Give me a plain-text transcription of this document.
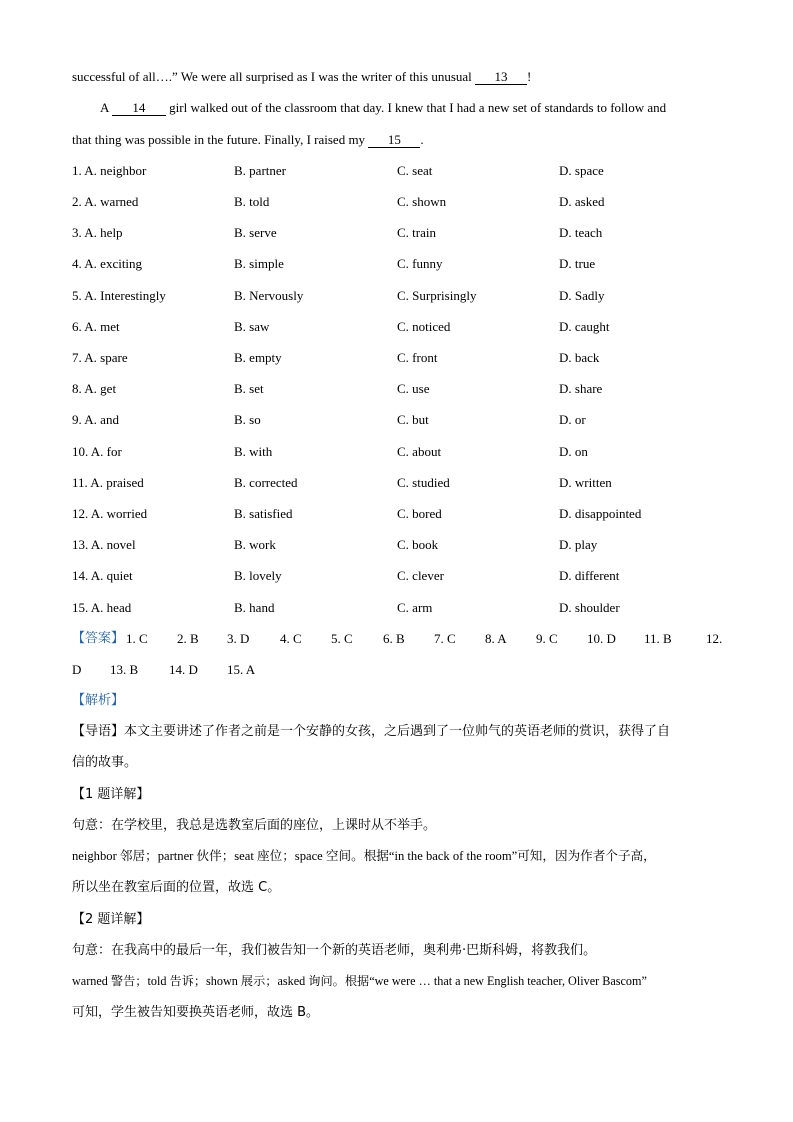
successful of all….” We were all surprised as I was the writer of this unusual 13 !
A 14 girl walked out of the classroom that day. I knew that I had a new set of standards to follow and
that thing was possible in the future. Finally, I raised my 15 .
1. A. neighbor	B. partner	C. seat	D. space
2. A. warned	B. told	C. shown	D. asked
3. A. help	B. serve	C. train	D. teach
4. A. exciting	B. simple	C. funny	D. true
5. A. Interestingly	B. Nervously	C. Surprisingly	D. Sadly
6. A. met	B. saw	C. noticed	D. caught
7. A. spare	B. empty	C. front	D. back
8. A. get	B. set	C. use	D. share
9. A. and	B. so	C. but	D. or
10. A. for	B. with	C. about	D. on
11. A. praised	B. corrected	C. studied	D. written
12. A. worried	B. satisfied	C. bored	D. disappointed
13. A. novel	B. work	C. book	D. play
14. A. quiet	B. lovely	C. clever	D. different
15. A. head	B. hand	C. arm	D. shoulder
【答案】 1. C 2. B 3. D 4. C 5. C 6. B 7. C 8. A 9. C 10. D 11. B	12.
D 13. B 14. D 15. A
【解析】
【导语】本文主要讲述了作者之前是一个安静的女孩，之后遇到了一位帅气的英语老师的赏识，获得了自
信的故事。
【1 题详解】
句意：在学校里，我总是选教室后面的座位，上课时从不举手。
neighbor 邻居；partner 伙伴；seat 座位；space 空间。根据“in the back of the room”可知，因为作者个子高，
所以坐在教室后面的位置，故选 C。
【2 题详解】
句意：在我高中的最后一年，我们被告知一个新的英语老师，奥利弗·巴斯科姆，将教我们。
warned 警告；told 告诉；shown 展示；asked 询问。根据“we were … that a new English teacher, Oliver Bascom”
可知，学生被告知要换英语老师，故选 B。
